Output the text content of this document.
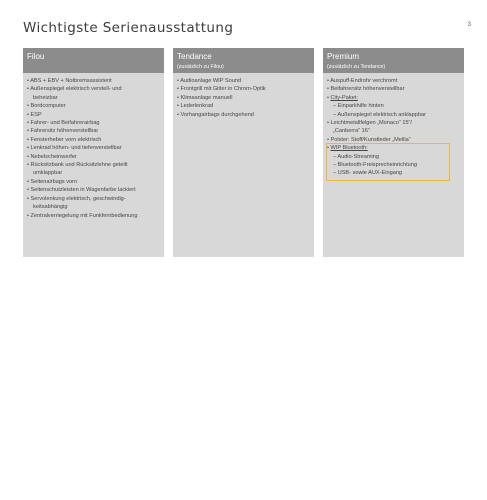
Wichtigste Serienausstattung	3
Filou
• ABS + EBV + Notbremsassistent
• Außenspiegel elektrisch verstell- und
beheizbar
• Bordcomputer
• ESP
• Fahrer- und Beifahrerairbag
• Fahrersitz höhenverstellbar
• Fensterheber vorn elektrisch
• Lenkrad höhen- und tiefenverstellbar
• Nebelscheinwerfer
• Rücksitzbank und Rücksitzlehne geteilt
umklappbar
• Seitenairbags vorn
• Seitenschutzleisten in Wagenfarbe lackiert
• Servolenkung elektrisch, geschwindig-
keitsabhängig
• Zentralverriegelung mit Funkfernbedienung
Tendance
(zusätzlich zu Filou)
• Audioanlage WIP Sound
• Frontgrill mit Gitter in Chrom-Optik
• Klimaanlage manuell
• Lederlenkrad
• Vorhangairbags durchgehend
Premium
(zusätzlich zu Tendance)
• Auspuff-Endrohr verchromt
• Beifahrersitz höhenverstellbar
• City-Paket:
– Einparkhilfe hinten
– Außenspiegel elektrisch anklappbar
• Leichtmetallfelgen „Monaco” 15”/
„Canberra” 16”
• Polster: Stoff/Kunstleder „Melila”
• WIP Bluetooth:
– Audio-Streaming
– Bluetooth-Freisprecheinrichtung
– USB- sowie AUX-Eingang
